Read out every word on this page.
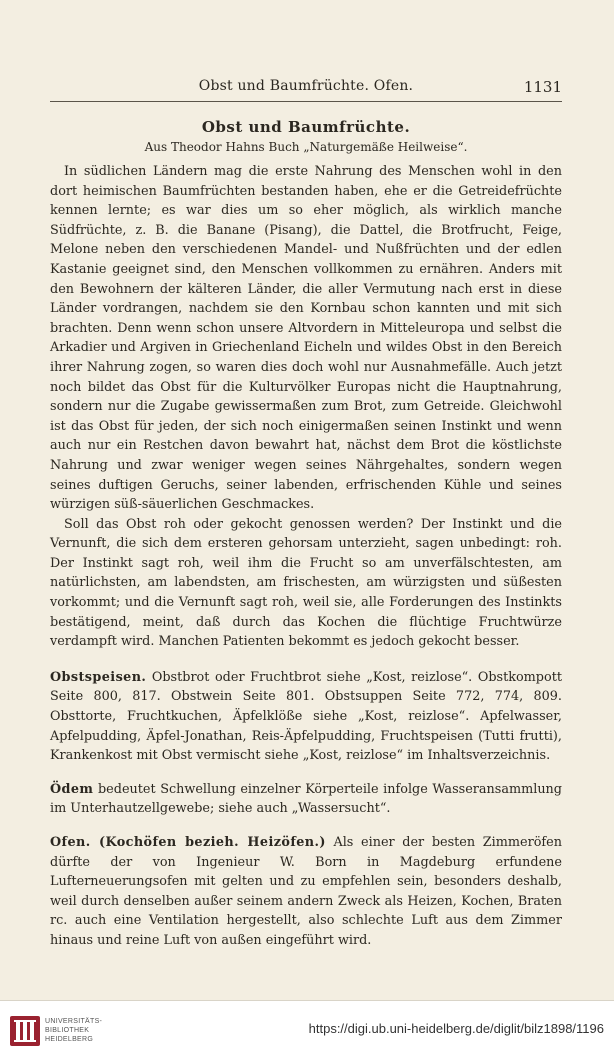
Obst und Baumfrüchte. Ofen.	1131
Obst und Baumfrüchte.
Aus Theodor Hahns Buch „Naturgemäße Heilweise“.

In südlichen Ländern mag die erste Nahrung des Menschen wohl in den dort heimischen Baumfrüchten bestanden haben, ehe er die Getreidefrüchte kennen lernte; es war dies um so eher möglich, als wirklich manche Südfrüchte, z. B. die Banane (Pisang), die Dattel, die Brotfrucht, Feige, Melone neben den verschiedenen Mandel- und Nußfrüchten und der edlen Kastanie geeignet sind, den Menschen vollkommen zu ernähren. Anders mit den Bewohnern der kälteren Länder, die aller Vermutung nach erst in diese Länder vordrangen, nachdem sie den Kornbau schon kannten und mit sich brachten. Denn wenn schon unsere Altvordern in Mitteleuropa und selbst die Arkadier und Argiven in Griechenland Eicheln und wildes Obst in den Bereich ihrer Nahrung zogen, so waren dies doch wohl nur Ausnahmefälle. Auch jetzt noch bildet das Obst für die Kulturvölker Europas nicht die Hauptnahrung, sondern nur die Zugabe gewissermaßen zum Brot, zum Getreide. Gleichwohl ist das Obst für jeden, der sich noch einigermaßen seinen Instinkt und wenn auch nur ein Restchen davon bewahrt hat, nächst dem Brot die köstlichste Nahrung und zwar weniger wegen seines Nährgehaltes, sondern wegen seines duftigen Geruchs, seiner labenden, erfrischenden Kühle und seines würzigen süß-säuerlichen Geschmackes.

Soll das Obst roh oder gekocht genossen werden? Der Instinkt und die Vernunft, die sich dem ersteren gehorsam unterzieht, sagen unbedingt: roh. Der Instinkt sagt roh, weil ihm die Frucht so am unverfälschtesten, am natürlichsten, am labendsten, am frischesten, am würzigsten und süßesten vorkommt; und die Vernunft sagt roh, weil sie, alle Forderungen des Instinkts bestätigend, meint, daß durch das Kochen die flüchtige Fruchtwürze verdampft wird. Manchen Patienten bekommt es jedoch gekocht besser.

Obstspeisen. Obstbrot oder Fruchtbrot siehe „Kost, reizlose“. Obstkompott Seite 800, 817. Obstwein Seite 801. Obstsuppen Seite 772, 774, 809. Obsttorte, Fruchtkuchen, Äpfelklöße siehe „Kost, reizlose“. Apfelwasser, Apfelpudding, Äpfel-Jonathan, Reis-Äpfelpudding, Fruchtspeisen (Tutti frutti), Krankenkost mit Obst vermischt siehe „Kost, reizlose“ im Inhaltsverzeichnis.

Ödem bedeutet Schwellung einzelner Körperteile infolge Wasseransammlung im Unterhautzellgewebe; siehe auch „Wassersucht“.

Ofen. (Kochöfen bezieh. Heizöfen.) Als einer der besten Zimmeröfen dürfte der von Ingenieur W. Born in Magdeburg erfundene Lufterneuerungsofen mit gelten und zu empfehlen sein, besonders deshalb, weil durch denselben außer seinem andern Zweck als Heizen, Kochen, Braten rc. auch eine Ventilation hergestellt, also schlechte Luft aus dem Zimmer hinaus und reine Luft von außen eingeführt wird.

UNIVERSITÄTS-
BIBLIOTHEK
HEIDELBERG
https://digi.ub.uni-heidelberg.de/diglit/bilz1898/1196
